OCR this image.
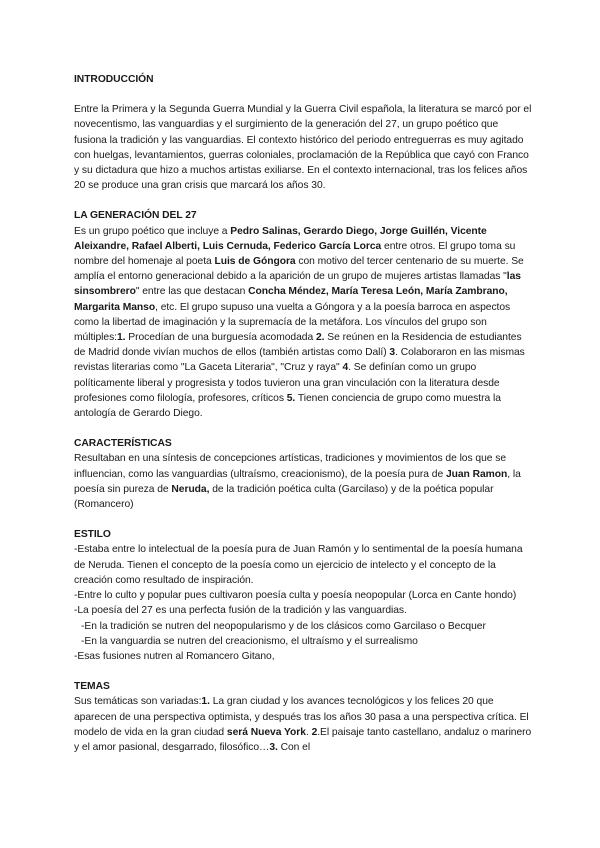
INTRODUCCIÓN

Entre la Primera y la Segunda Guerra Mundial y la Guerra Civil española, la literatura se marcó por el novecentismo, las vanguardias y el surgimiento de la generación del 27, un grupo poético que fusiona la tradición y las vanguardias. El contexto histórico del periodo entreguerras es muy agitado con huelgas, levantamientos, guerras coloniales, proclamación de la República que cayó con Franco y su dictadura que hizo a muchos artistas exiliarse. En el contexto internacional, tras los felices años 20 se produce una gran crisis que marcará los años 30.

LA GENERACIÓN DEL 27

Es un grupo poético que incluye a Pedro Salinas, Gerardo Diego, Jorge Guillén, Vicente Aleixandre, Rafael Alberti, Luis Cernuda, Federico García Lorca entre otros. El grupo toma su nombre del homenaje al poeta Luis de Góngora con motivo del tercer centenario de su muerte. Se amplía el entorno generacional debido a la aparición de un grupo de mujeres artistas llamadas "las sinsombrero" entre las que destacan Concha Méndez, María Teresa León, María Zambrano, Margarita Manso, etc. El grupo supuso una vuelta a Góngora y a la poesía barroca en aspectos como la libertad de imaginación y la supremacía de la metáfora. Los vínculos del grupo son múltiples:1. Procedían de una burguesía acomodada 2. Se reúnen en la Residencia de estudiantes de Madrid donde vivían muchos de ellos (también artistas como Dalí) 3. Colaboraron en las mismas revistas literarias como "La Gaceta Literaria", "Cruz y raya" 4. Se definían como un grupo políticamente liberal y progresista y todos tuvieron una gran vinculación con la literatura desde profesiones como filología, profesores, críticos 5. Tienen conciencia de grupo como muestra la antología de Gerardo Diego.

CARACTERÍSTICAS

Resultaban en una síntesis de concepciones artísticas, tradiciones y movimientos de los que se influencian, como las vanguardias (ultraísmo, creacionismo), de la poesía pura de Juan Ramon, la poesía sin pureza de Neruda, de la tradición poética culta (Garcilaso) y de la poética popular (Romancero)

ESTILO

-Estaba entre lo intelectual de la poesía pura de Juan Ramón y lo sentimental de la poesía humana de Neruda. Tienen el concepto de la poesía como un ejercicio de intelecto y el concepto de la creación como resultado de inspiración.

-Entre lo culto y popular pues cultivaron poesía culta y poesía neopopular (Lorca en Cante hondo)

-La poesía del 27 es una perfecta fusión de la tradición y las vanguardias.

-En la tradición se nutren del neopopularismo y de los clásicos como Garcilaso o Becquer

-En la vanguardia se nutren del creacionismo, el ultraísmo y el surrealismo

-Esas fusiones nutren al Romancero Gitano,

TEMAS

Sus temáticas son variadas:1. La gran ciudad y los avances tecnológicos y los felices 20 que aparecen de una perspectiva optimista, y después tras los años 30 pasa a una perspectiva crítica. El modelo de vida en la gran ciudad será Nueva York. 2.El paisaje tanto castellano, andaluz o marinero y el amor pasional, desgarrado, filosófico…3. Con el
